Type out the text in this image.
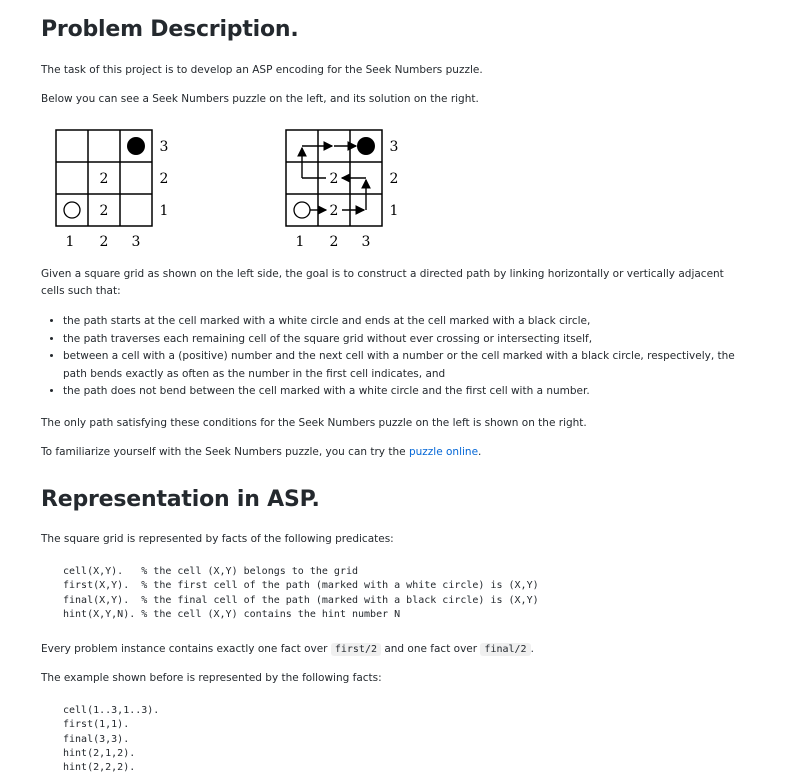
Problem Description.

The task of this project is to develop an ASP encoding for the Seek Numbers puzzle.

Below you can see a Seek Numbers puzzle on the left, and its solution on the right.

2
2
3
2
1
1 2 3
2
2
3
2
1
1 2 3

Given a square grid as shown on the left side, the goal is to construct a directed path by linking horizontally or vertically adjacent cells such that:

• the path starts at the cell marked with a white circle and ends at the cell marked with a black circle,
• the path traverses each remaining cell of the square grid without ever crossing or intersecting itself,
• between a cell with a (positive) number and the next cell with a number or the cell marked with a black circle, respectively, the path bends exactly as often as the number in the first cell indicates, and
• the path does not bend between the cell marked with a white circle and the first cell with a number.

The only path satisfying these conditions for the Seek Numbers puzzle on the left is shown on the right.

To familiarize yourself with the Seek Numbers puzzle, you can try the puzzle online.

Representation in ASP.

The square grid is represented by facts of the following predicates:

cell(X,Y).   % the cell (X,Y) belongs to the grid
first(X,Y).  % the first cell of the path (marked with a white circle) is (X,Y)
final(X,Y).  % the final cell of the path (marked with a black circle) is (X,Y)
hint(X,Y,N). % the cell (X,Y) contains the hint number N

Every problem instance contains exactly one fact over first/2 and one fact over final/2 .

The example shown before is represented by the following facts:

cell(1..3,1..3).
first(1,1).
final(3,3).
hint(2,1,2).
hint(2,2,2).
